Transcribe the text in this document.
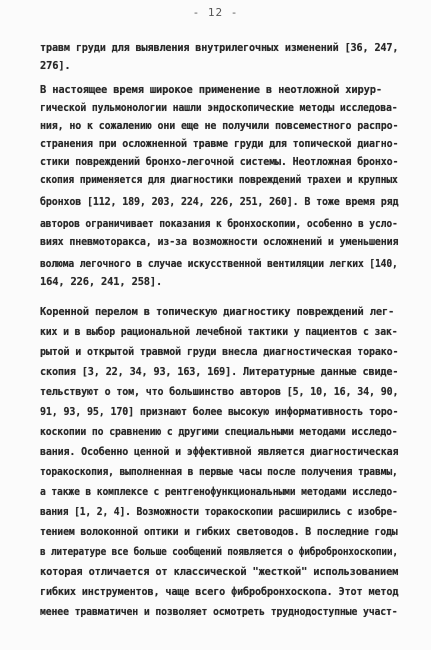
- 12 -
травм груди для выявления внутрилегочных изменений [36, 247,
276].
В настоящее время широкое применение в неотложной хирур-
гической пульмонологии нашли эндоскопические методы исследова-
ния, но к сожалению они еще не получили повсеместного распро-
странения при осложненной травме груди для топической диагно-
стики повреждений бронхо-легочной системы. Неотложная бронхо-
скопия применяется для диагностики повреждений трахеи и крупных
бронхов [112, 189, 203, 224, 226, 251, 260]. В тоже время ряд
авторов ограничивает показания к бронхоскопии, особенно в усло-
виях пневмоторакса, из-за возможности осложнений и уменьшения
волюма легочного в случае искусственной вентиляции легких [140,
164, 226, 241, 258].
Коренной перелом в топическую диагностику повреждений лег-
ких и в выбор рациональной лечебной тактики у пациентов с зак-
рытой и открытой травмой груди внесла диагностическая торако-
скопия [3, 22, 34, 93, 163, 169]. Литературные данные свиде-
тельствуют о том, что большинство авторов [5, 10, 16, 34, 90,
91, 93, 95, 170] признают более высокую информативность торо-
коскопии по сравнению с другими специальными методами исследо-
вания. Особенно ценной и эффективной является диагностическая
торакоскопия, выполненная в первые часы после получения травмы,
а также в комплексе с рентгенофункциональными методами исследо-
вания [1, 2, 4]. Возможности торакоскопии расширились с изобре-
тением волоконной оптики и гибких световодов. В последние годы
в литературе все больше сообщений появляется о фибробронхоскопии,
которая отличается от классической "жесткой" использованием
гибких инструментов, чаще всего фибробронхоскопа. Этот метод
менее травматичен и позволяет осмотреть труднодоступные участ-
